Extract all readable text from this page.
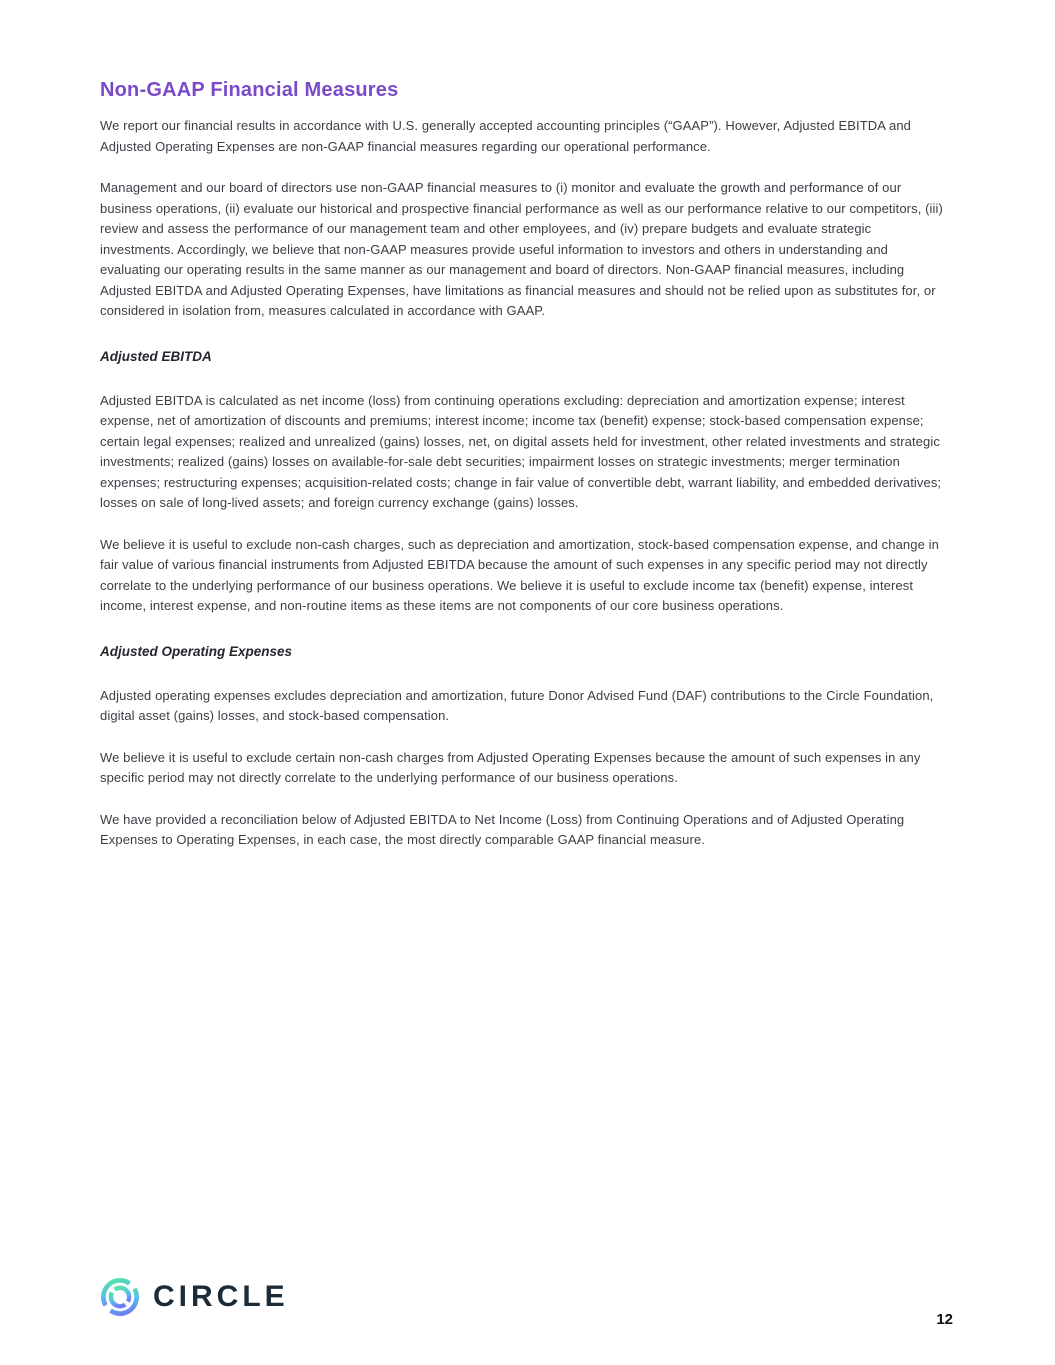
Non-GAAP Financial Measures

We report our financial results in accordance with U.S. generally accepted accounting principles (“GAAP”). However, Adjusted EBITDA and Adjusted Operating Expenses are non-GAAP financial measures regarding our operational performance.

Management and our board of directors use non-GAAP financial measures to (i) monitor and evaluate the growth and performance of our business operations, (ii) evaluate our historical and prospective financial performance as well as our performance relative to our competitors, (iii) review and assess the performance of our management team and other employees, and (iv) prepare budgets and evaluate strategic investments. Accordingly, we believe that non-GAAP measures provide useful information to investors and others in understanding and evaluating our operating results in the same manner as our management and board of directors. Non-GAAP financial measures, including Adjusted EBITDA and Adjusted Operating Expenses, have limitations as financial measures and should not be relied upon as substitutes for, or considered in isolation from, measures calculated in accordance with GAAP.

Adjusted EBITDA

Adjusted EBITDA is calculated as net income (loss) from continuing operations excluding: depreciation and amortization expense; interest expense, net of amortization of discounts and premiums; interest income; income tax (benefit) expense; stock-based compensation expense; certain legal expenses; realized and unrealized (gains) losses, net, on digital assets held for investment, other related investments and strategic investments; realized (gains) losses on available-for-sale debt securities; impairment losses on strategic investments; merger termination expenses; restructuring expenses; acquisition-related costs; change in fair value of convertible debt, warrant liability, and embedded derivatives; losses on sale of long-lived assets; and foreign currency exchange (gains) losses.

We believe it is useful to exclude non-cash charges, such as depreciation and amortization, stock-based compensation expense, and change in fair value of various financial instruments from Adjusted EBITDA because the amount of such expenses in any specific period may not directly correlate to the underlying performance of our business operations. We believe it is useful to exclude income tax (benefit) expense, interest income, interest expense, and non-routine items as these items are not components of our core business operations.

Adjusted Operating Expenses

Adjusted operating expenses excludes depreciation and amortization, future Donor Advised Fund (DAF) contributions to the Circle Foundation, digital asset (gains) losses, and stock-based compensation.

We believe it is useful to exclude certain non-cash charges from Adjusted Operating Expenses because the amount of such expenses in any specific period may not directly correlate to the underlying performance of our business operations.

We have provided a reconciliation below of Adjusted EBITDA to Net Income (Loss) from Continuing Operations and of Adjusted Operating Expenses to Operating Expenses, in each case, the most directly comparable GAAP financial measure.

CIRCLE
12
